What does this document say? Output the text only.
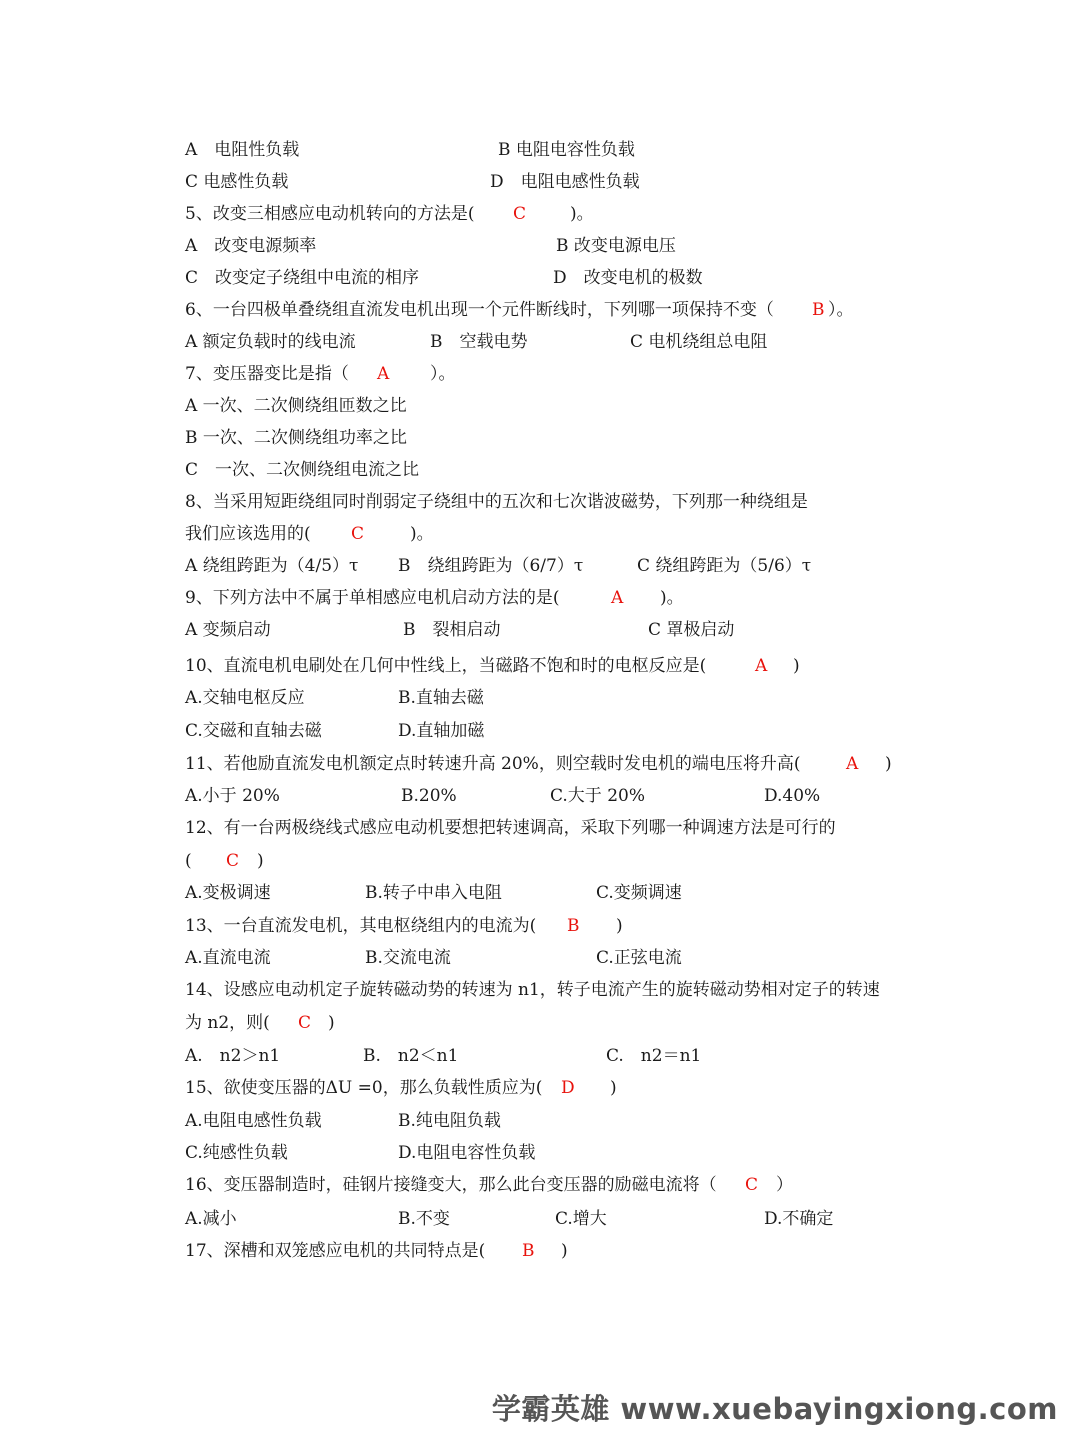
A　电阻性负载	B 电阻电容性负载
C 电感性负载	D　电阻电感性负载
5、改变三相感应电动机转向的方法是( C	)。
A　改变电源频率	B 改变电源电压
C　改变定子绕组中电流的相序	D　改变电机的极数
6、一台四极单叠绕组直流发电机出现一个元件断线时，下列哪一项保持不变（ B ）。
A 额定负载时的线电流	B　空载电势	C 电机绕组总电阻
7、变压器变比是指（ A ）。
A 一次、二次侧绕组匝数之比
B 一次、二次侧绕组功率之比
C　一次、二次侧绕组电流之比
8、当采用短距绕组同时削弱定子绕组中的五次和七次谐波磁势，下列那一种绕组是
我们应该选用的( C	)。
A 绕组跨距为（4/5）τ B　绕组跨距为（6/7）τ	C 绕组跨距为（5/6）τ
9、下列方法中不属于单相感应电机启动方法的是(	A )。
A 变频启动	B　裂相启动	C 罩极启动
10、直流电机电刷处在几何中性线上，当磁路不饱和时的电枢反应是(	A )
A.交轴电枢反应	B.直轴去磁
C.交磁和直轴去磁	D.直轴加磁
11、若他励直流发电机额定点时转速升高 20%，则空载时发电机的端电压将升高(	A )
A.小于 20%	B.20%	C.大于 20%	D.40%
12、有一台两极绕线式感应电动机要想把转速调高，采取下列哪一种调速方法是可行的
( C )
A.变极调速	B.转子中串入电阻	C.变频调速
13、一台直流发电机，其电枢绕组内的电流为( B )
A.直流电流	B.交流电流	C.正弦电流
14、设感应电动机定子旋转磁动势的转速为 n1，转子电流产生的旋转磁动势相对定子的转速
为 n2，则( C )
A.　n2＞n1	B.　n2＜n1	C.　n2＝n1
15、欲使变压器的ΔU =0，那么负载性质应为( D )
A.电阻电感性负载	B.纯电阻负载
C.纯感性负载	D.电阻电容性负载
16、变压器制造时，硅钢片接缝变大，那么此台变压器的励磁电流将（ C ）
A.减小	B.不变	C.增大	D.不确定
17、深槽和双笼感应电机的共同特点是( B )
学霸英雄 www.xuebayingxiong.com
